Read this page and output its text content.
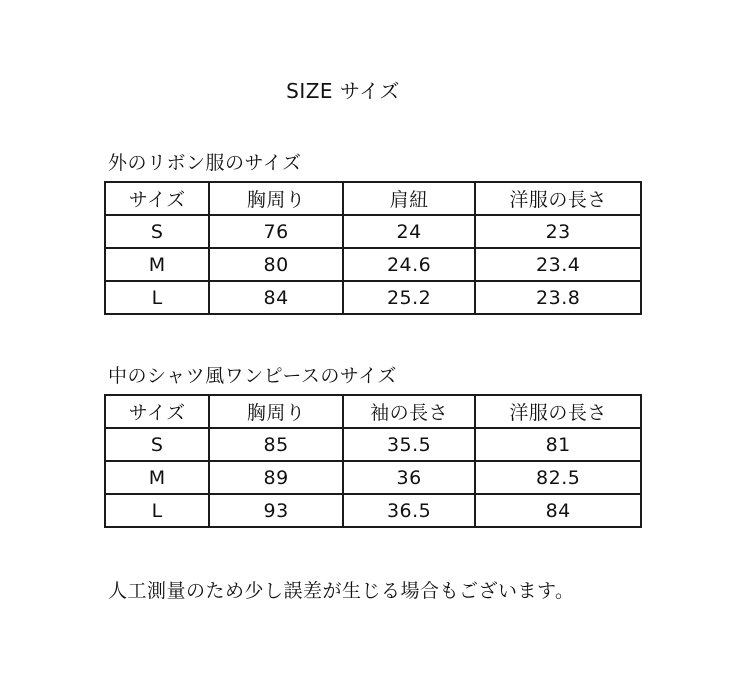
SIZE サイズ
外のリボン服のサイズ
サイズ	胸周り	肩紐	洋服の長さ
S	76	24	23
M	80	24.6	23.4
L	84	25.2	23.8
中のシャツ風ワンピースのサイズ
サイズ	胸周り	袖の長さ	洋服の長さ
S	85	35.5	81
M	89	36	82.5
L	93	36.5	84
人工測量のため少し誤差が生じる場合もございます。
